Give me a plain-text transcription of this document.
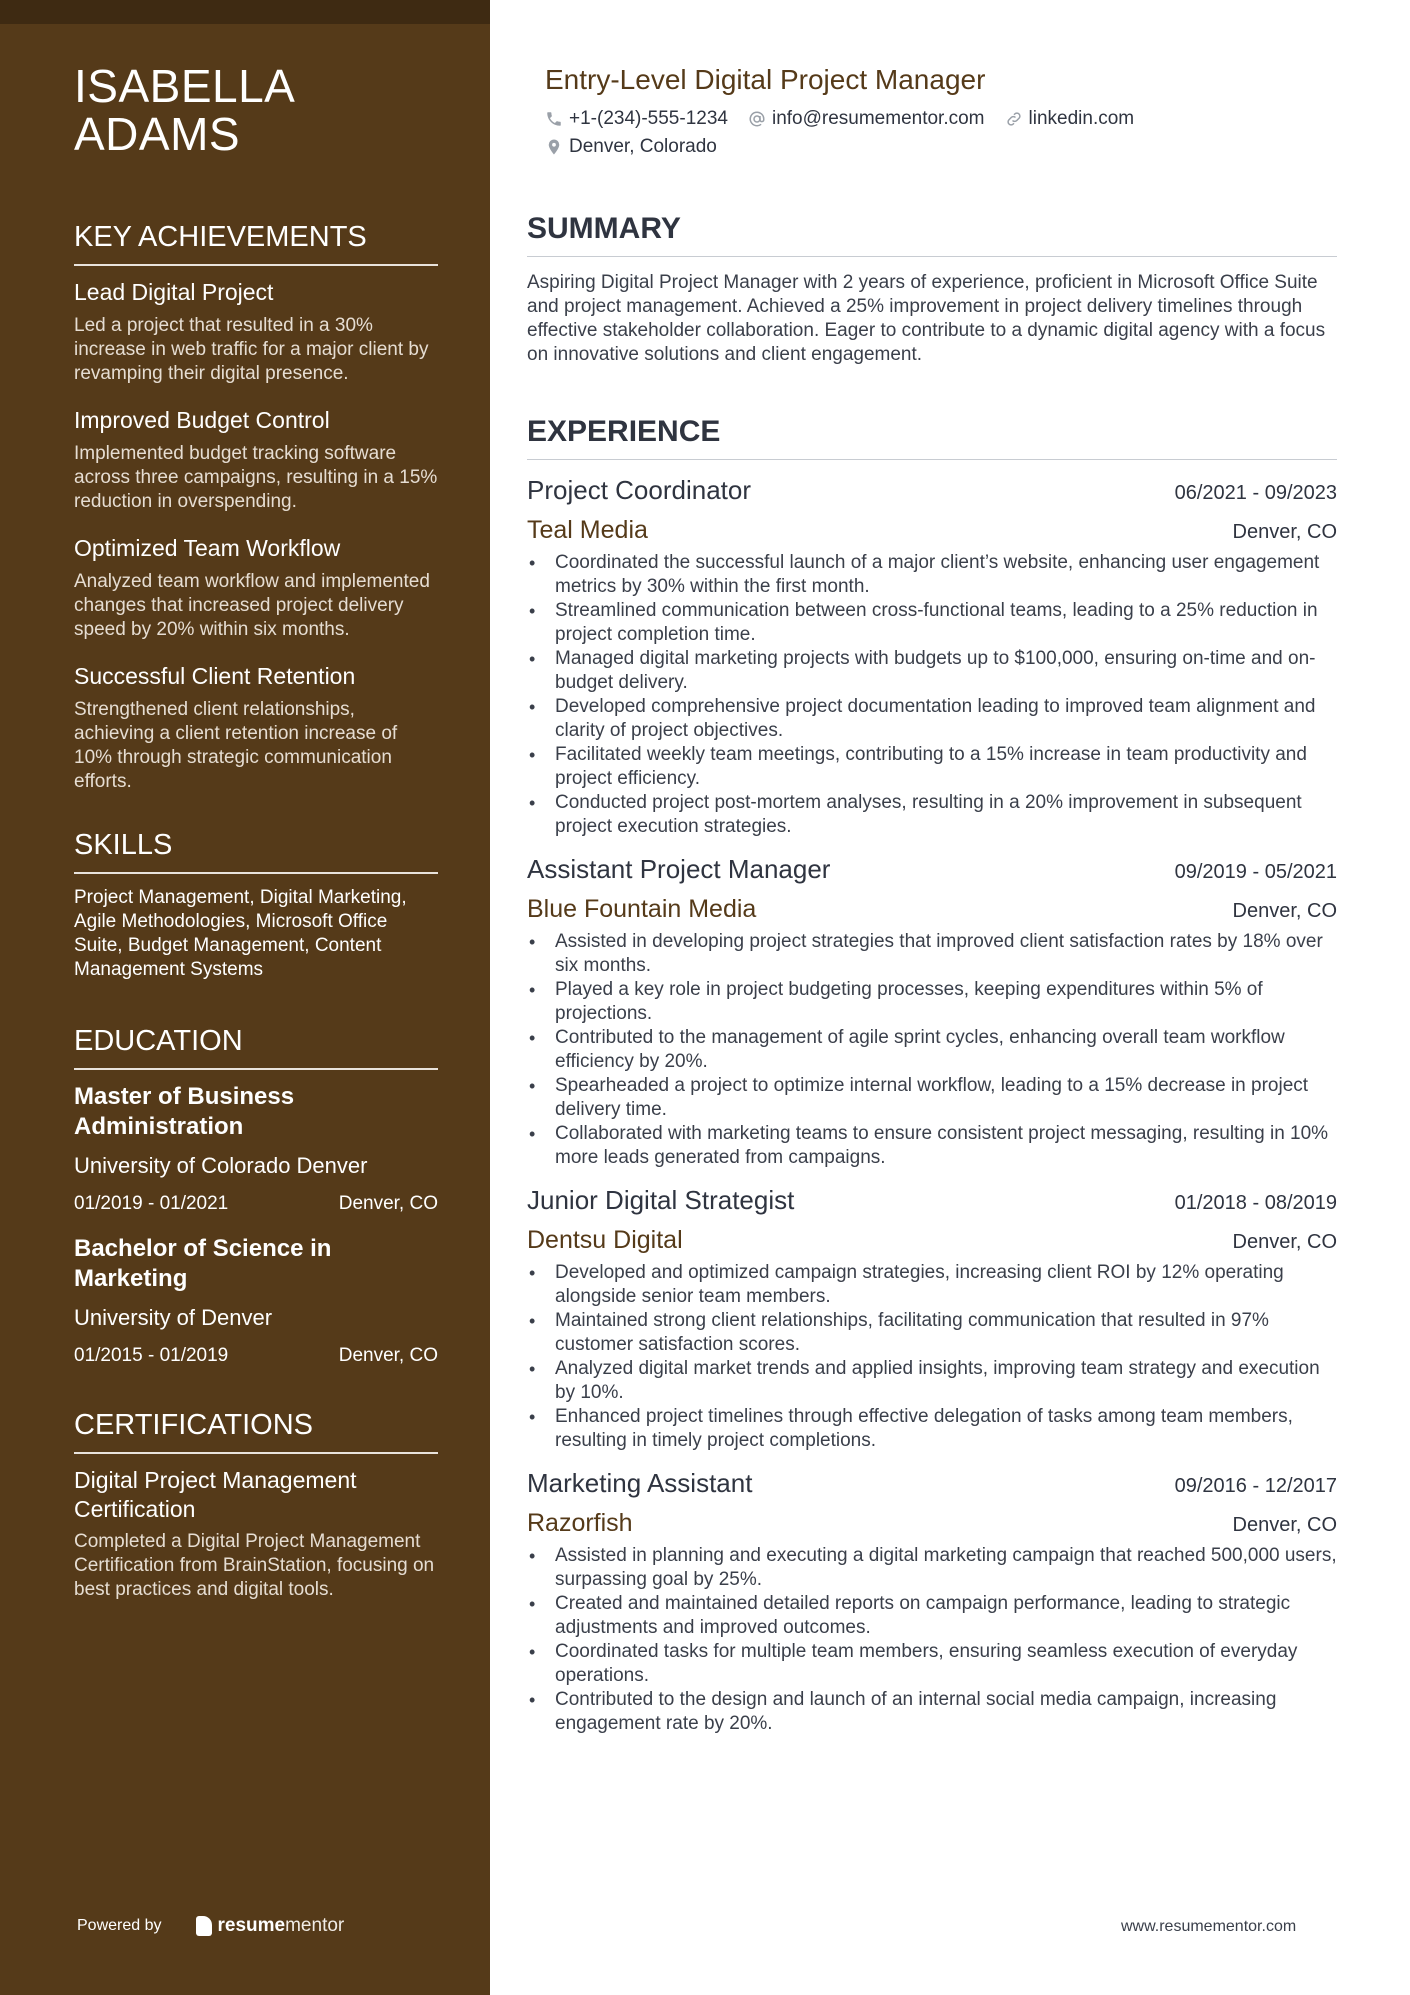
ISABELLA
ADAMS
KEY ACHIEVEMENTS
Lead Digital Project
Led a project that resulted in a 30% increase in web traffic for a major client by revamping their digital presence.
Improved Budget Control
Implemented budget tracking software across three campaigns, resulting in a 15% reduction in overspending.
Optimized Team Workflow
Analyzed team workflow and implemented changes that increased project delivery speed by 20% within six months.
Successful Client Retention
Strengthened client relationships, achieving a client retention increase of 10% through strategic communication efforts.
SKILLS
Project Management, Digital Marketing, Agile Methodologies, Microsoft Office Suite, Budget Management, Content Management Systems
EDUCATION
Master of Business Administration
University of Colorado Denver
01/2019 - 01/2021	Denver, CO
Bachelor of Science in Marketing
University of Denver
01/2015 - 01/2019	Denver, CO
CERTIFICATIONS
Digital Project Management Certification
Completed a Digital Project Management Certification from BrainStation, focusing on best practices and digital tools.
Powered by	resumementor
Entry-Level Digital Project Manager
+1-(234)-555-1234 info@resumementor.com linkedin.com
Denver, Colorado
SUMMARY

Aspiring Digital Project Manager with 2 years of experience, proficient in Microsoft Office Suite and project management. Achieved a 25% improvement in project delivery timelines through effective stakeholder collaboration. Eager to contribute to a dynamic digital agency with a focus on innovative solutions and client engagement.

EXPERIENCE
Project Coordinator	06/2021 - 09/2023
Teal Media	Denver, CO
• Coordinated the successful launch of a major client’s website, enhancing user engagement metrics by 30% within the first month.
• Streamlined communication between cross-functional teams, leading to a 25% reduction in project completion time.
• Managed digital marketing projects with budgets up to $100,000, ensuring on-time and on-budget delivery.
• Developed comprehensive project documentation leading to improved team alignment and clarity of project objectives.
• Facilitated weekly team meetings, contributing to a 15% increase in team productivity and project efficiency.
• Conducted project post-mortem analyses, resulting in a 20% improvement in subsequent project execution strategies.
Assistant Project Manager	09/2019 - 05/2021
Blue Fountain Media	Denver, CO
• Assisted in developing project strategies that improved client satisfaction rates by 18% over six months.
• Played a key role in project budgeting processes, keeping expenditures within 5% of projections.
• Contributed to the management of agile sprint cycles, enhancing overall team workflow efficiency by 20%.
• Spearheaded a project to optimize internal workflow, leading to a 15% decrease in project delivery time.
• Collaborated with marketing teams to ensure consistent project messaging, resulting in 10% more leads generated from campaigns.
Junior Digital Strategist	01/2018 - 08/2019
Dentsu Digital	Denver, CO
• Developed and optimized campaign strategies, increasing client ROI by 12% operating alongside senior team members.
• Maintained strong client relationships, facilitating communication that resulted in 97% customer satisfaction scores.
• Analyzed digital market trends and applied insights, improving team strategy and execution by 10%.
• Enhanced project timelines through effective delegation of tasks among team members, resulting in timely project completions.
Marketing Assistant	09/2016 - 12/2017
Razorfish	Denver, CO
• Assisted in planning and executing a digital marketing campaign that reached 500,000 users, surpassing goal by 25%.
• Created and maintained detailed reports on campaign performance, leading to strategic adjustments and improved outcomes.
• Coordinated tasks for multiple team members, ensuring seamless execution of everyday operations.
• Contributed to the design and launch of an internal social media campaign, increasing engagement rate by 20%.
www.resumementor.com
